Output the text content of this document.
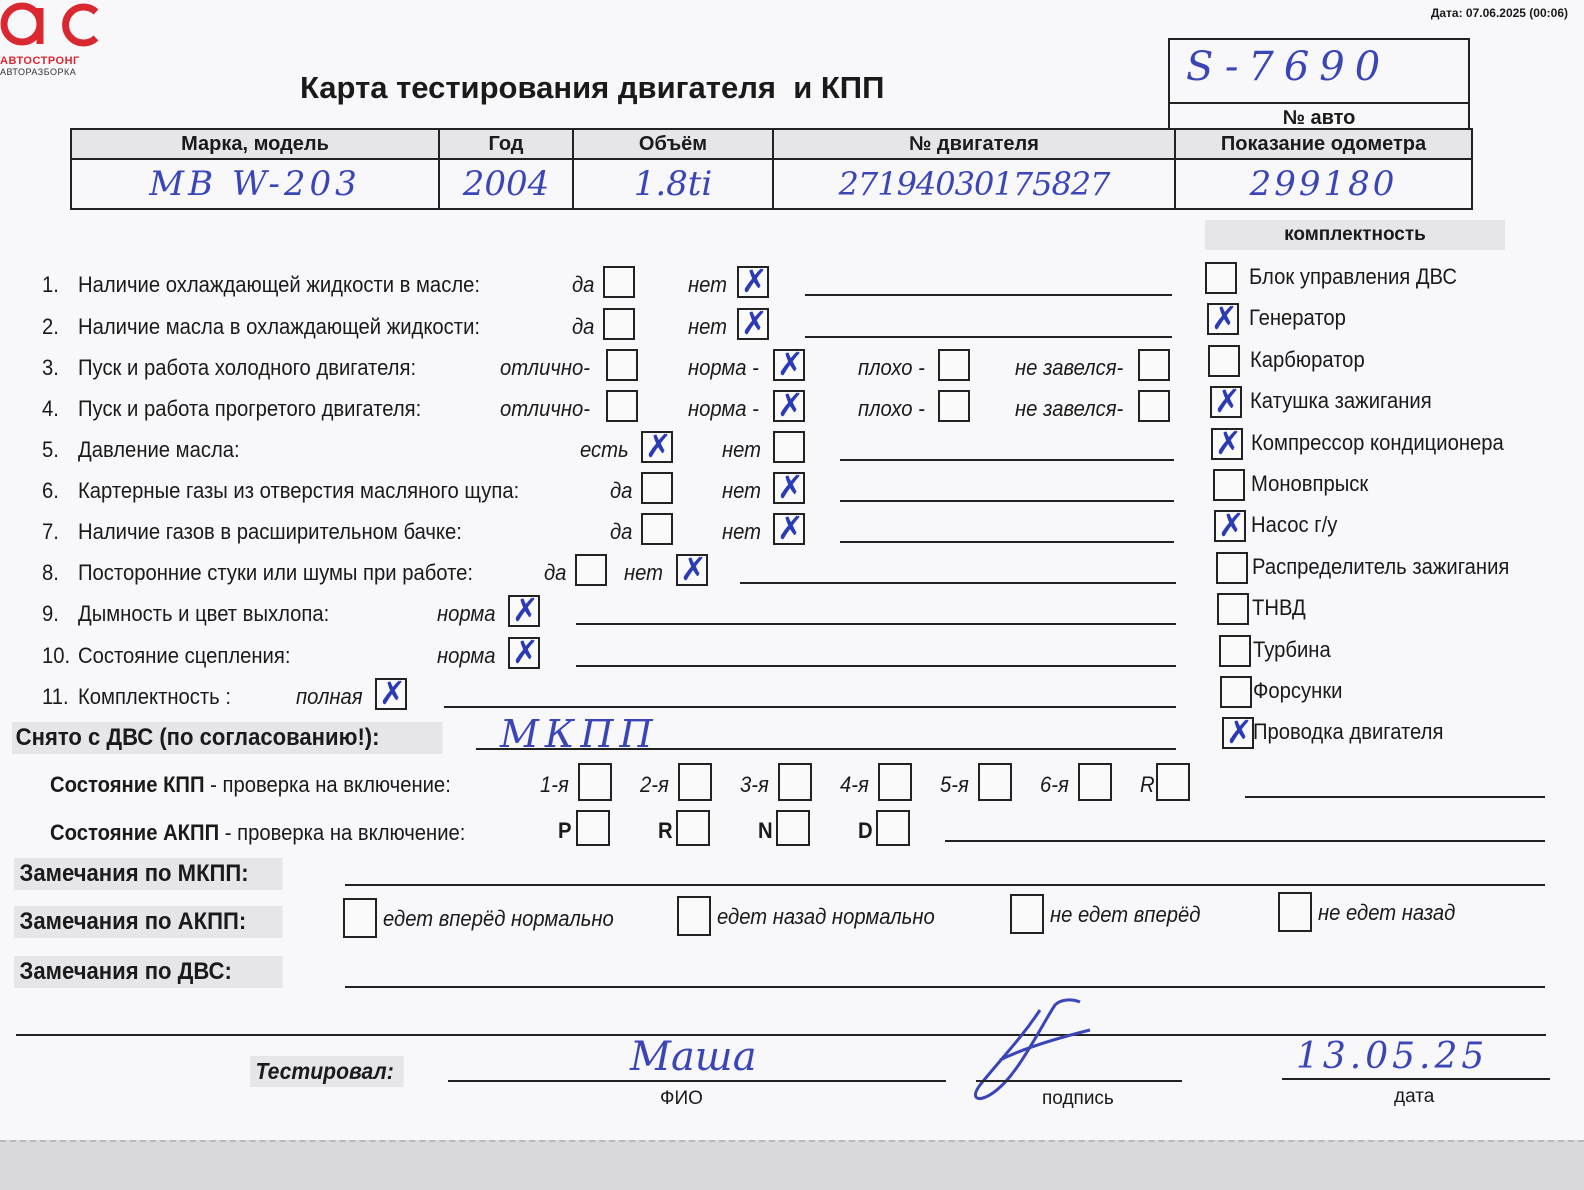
АВТОСТРОНГ
АВТОРАЗБОРКА
Дата: 07.06.2025 (00:06)
Карта тестирования двигателя  и КПП	S-7690
№ авто
Марка, модель	Год	Объём	№ двигателя	Показание одометра
MB W-203	2004	1.8ti	27194030175827	299180
комплектность
1. Наличие охлаждающей жидкости в масле:	да	нет
✗
2. Наличие масла в охлаждающей жидкости:	да	нет
✗
3. Пуск и работа холодного двигателя:	отлично-	норма - ✗	плохо -	не завелся-
4. Пуск и работа прогретого двигателя:	отлично-	норма - ✗	плохо -	не завелся-
5. Давление масла:	есть ✗	нет
6. Картерные газы из отверстия масляного щупа:	да	нет
✗
7. Наличие газов в расширительном бачке:	да	нет
✗
8. Посторонние стуки или шумы при работе:	да	нет
✗
9. Дымность и цвет выхлопа:	норма
✗
10. Состояние сцепления:	норма
✗
11. Комплектность :	полная
✗
Блок управления ДВС
✗
Генератор
Карбюратор
✗
Катушка зажигания
✗
Компрессор кондиционера
Моновпрыск
✗
Насос г/у
Распределитель зажигания
ТНВД
Турбина
Форсунки
✗
Проводка двигателя
Снято с ДВС (по согласованию!):	МКПП
Состояние КПП - проверка на включение:	1-я	2-я	3-я	4-я	5-я	6-я	R
Состояние АКПП - проверка на включение:	P	R	N	D
Замечания по МКПП:
Замечания по АКПП:	едет вперёд нормально	едет назад нормально	не едет вперёд	не едет назад
Замечания по ДВС:
Тестировал:	Маша
ФИО	подпись
13.05.25
дата
